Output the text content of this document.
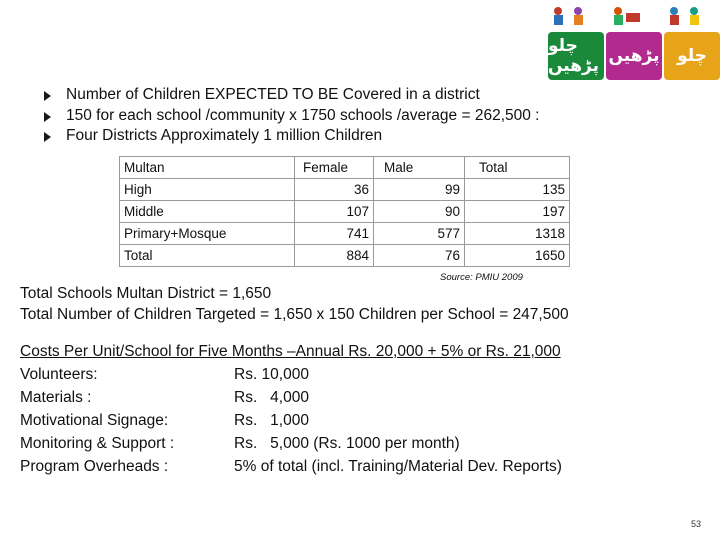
چلو پڑھیں پڑھیں چلو
Number of Children EXPECTED TO BE Covered in a district
150 for each school /community x 1750 schools /average = 262,500 :
Four Districts Approximately 1 million Children
Multan	Female	Male	Total
High	36	99	135
Middle	107	90	197
Primary+Mosque	741	577	1318
Total	884	76	1650
Source: PMIU 2009
Total Schools Multan District = 1,650
Total Number of Children Targeted = 1,650 x 150 Children per School = 247,500
Costs Per Unit/School for Five Months –Annual Rs. 20,000 + 5% or Rs. 21,000
Volunteers:	Rs. 10,000
Materials :	Rs.   4,000
Motivational Signage:	Rs.   1,000
Monitoring & Support :	Rs.   5,000 (Rs. 1000 per month)
Program Overheads :	5% of total (incl. Training/Material Dev. Reports)
53
